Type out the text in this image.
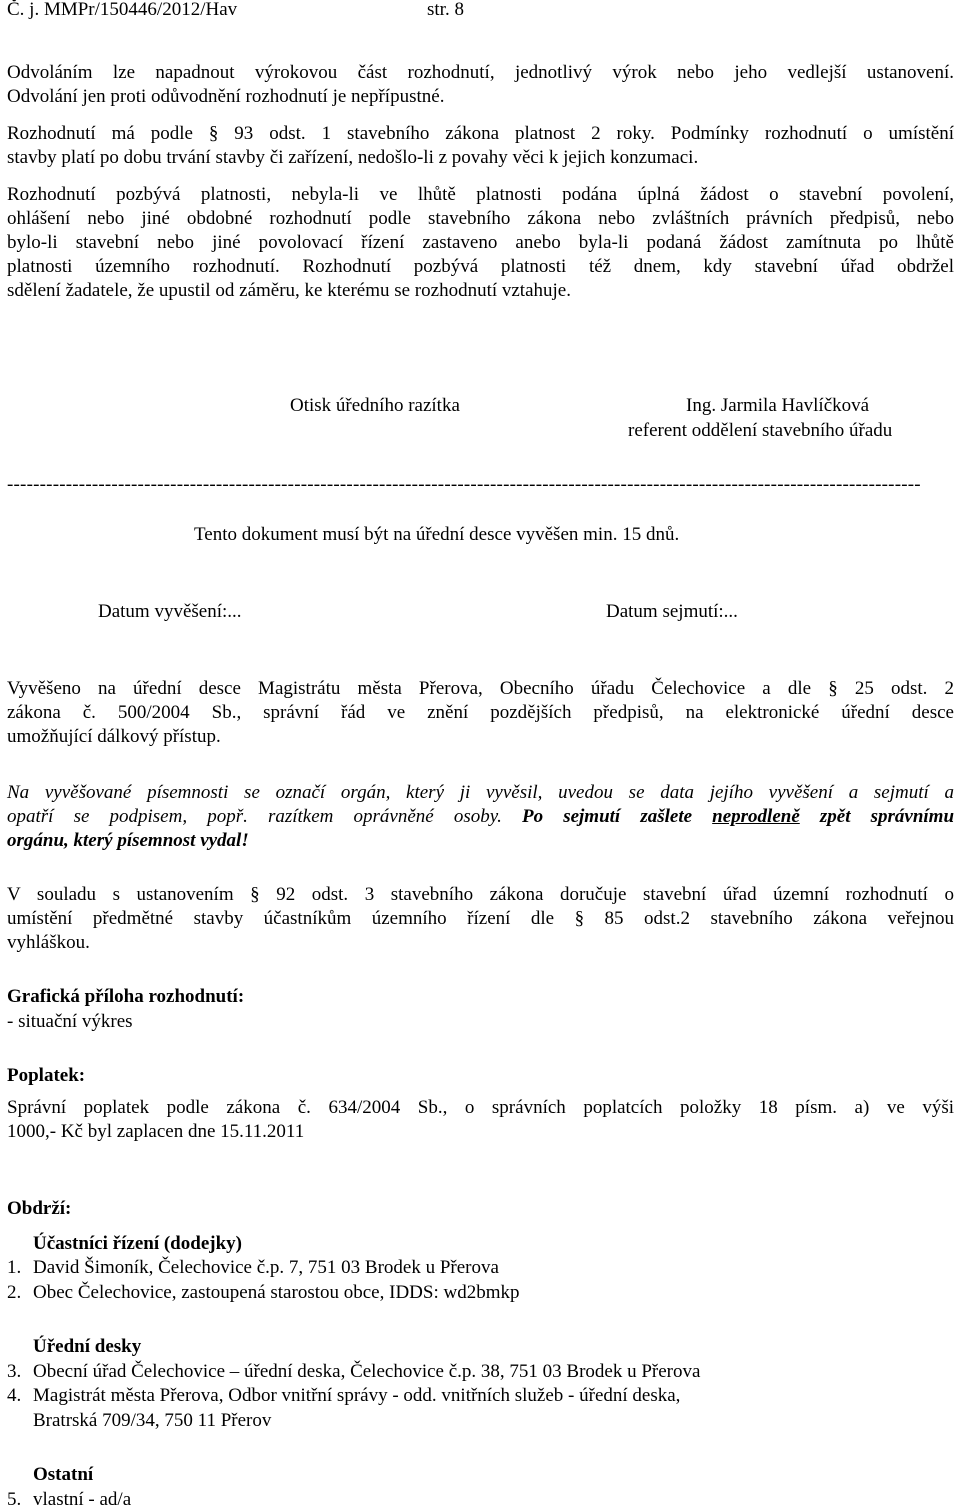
Č. j. MMPr/150446/2012/Hav	str. 8
Odvoláním lze napadnout výrokovou část rozhodnutí, jednotlivý výrok nebo jeho vedlejší ustanovení.
Odvolání jen proti odůvodnění rozhodnutí je nepřípustné.
Rozhodnutí má podle § 93 odst. 1 stavebního zákona platnost 2 roky. Podmínky rozhodnutí o umístění
stavby platí po dobu trvání stavby či zařízení, nedošlo-li z povahy věci k jejich konzumaci.
Rozhodnutí pozbývá platnosti, nebyla-li ve lhůtě platnosti podána úplná žádost o stavební povolení,
ohlášení nebo jiné obdobné rozhodnutí podle stavebního zákona nebo zvláštních právních předpisů, nebo
bylo-li stavební nebo jiné povolovací řízení zastaveno anebo byla-li podaná žádost zamítnuta po lhůtě
platnosti územního rozhodnutí. Rozhodnutí pozbývá platnosti též dnem, kdy stavební úřad obdržel
sdělení žadatele, že upustil od záměru, ke kterému se rozhodnutí vztahuje.
Otisk úředního razítka	Ing. Jarmila Havlíčková
referent oddělení stavebního úřadu
--------------------------------------------------------------------------------------------------------------------------------------------
Tento dokument musí být na úřední desce vyvěšen min. 15 dnů.
Datum vyvěšení:...	Datum sejmutí:...
Vyvěšeno na úřední desce Magistrátu města Přerova, Obecního úřadu Čelechovice a dle § 25 odst. 2
zákona č. 500/2004 Sb., správní řád ve znění pozdějších předpisů, na elektronické úřední desce
umožňující dálkový přístup.
Na vyvěšované písemnosti se označí orgán, který ji vyvěsil, uvedou se data jejího vyvěšení a sejmutí a
opatří se podpisem, popř. razítkem oprávněné osoby. Po sejmutí zašlete neprodleně zpět správnímu
orgánu, který písemnost vydal!
V souladu s ustanovením § 92 odst. 3 stavebního zákona doručuje stavební úřad územní rozhodnutí o
umístění předmětné stavby účastníkům územního řízení dle § 85 odst.2 stavebního zákona veřejnou
vyhláškou.
Grafická příloha rozhodnutí:
- situační výkres
Poplatek:
Správní poplatek podle zákona č. 634/2004 Sb., o správních poplatcích položky 18 písm. a) ve výši
1000,- Kč byl zaplacen dne 15.11.2011
Obdrží:
Účastníci řízení (dodejky)
1. David Šimoník, Čelechovice č.p. 7, 751 03 Brodek u Přerova
2. Obec Čelechovice, zastoupená starostou obce, IDDS: wd2bmkp
Úřední desky
3. Obecní úřad Čelechovice – úřední deska, Čelechovice č.p. 38, 751 03 Brodek u Přerova
4. Magistrát města Přerova, Odbor vnitřní správy - odd. vnitřních služeb - úřední deska,
Bratrská 709/34, 750 11 Přerov
Ostatní
5. vlastní - ad/a
